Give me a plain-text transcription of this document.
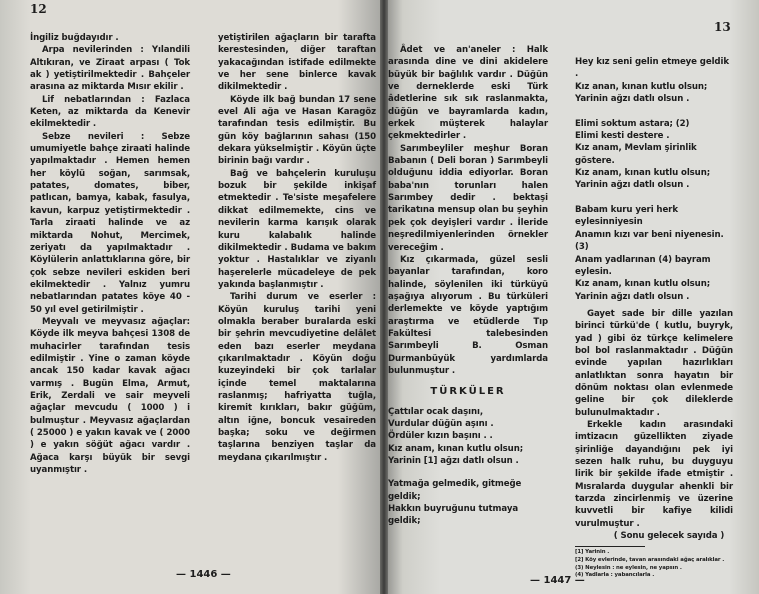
12

İngiliz buğdayıdır .

Arpa nevilerinden : Yılandili Altıkıran, ve Ziraat arpası ( Tok ak ) yetiştirilmektedir . Bahçeler arasına az miktarda Mısır ekilir .

Lif nebatlarından : Fazlaca Keten, az miktarda da Kenevir ekilmektedir .

Sebze nevileri : Sebze umumiyetle bahçe ziraati halinde yapılmaktadır . Hemen hemen her köylü soğan, sarımsak, patates, domates, biber, patlıcan, bamya, kabak, fasulya, kavun, karpuz yetiştirmektedir . Tarla ziraati halinde ve az miktarda Nohut, Mercimek, zeriyatı da yapılmaktadır . Köylülerin anlattıklarına göre, bir çok sebze nevileri eskiden beri ekilmektedir . Yalnız yumru nebatlarından patates köye 40 - 50 yıl evel getirilmiştir .

Meyvalı ve meyvasız ağaçlar: Köyde ilk meyva bahçesi 1308 de muhacirler tarafından tesis edilmiştir . Yine o zaman köyde ancak 150 kadar kavak ağacı varmış . Bugün Elma, Armut, Erik, Zerdali ve sair meyveli ağaçlar mevcudu ( 1000 ) i bulmuştur . Meyvasız ağaçlardan ( 25000 ) e yakın kavak ve ( 2000 ) e yakın söğüt ağacı vardır . Ağaca karşı büyük bir sevgi uyanmıştır .

yetiştirilen ağaçların bir tarafta kerestesinden, diğer taraftan yakacağından istifade edilmekte ve her sene binlerce kavak dikilmektedir .

Köyde ilk bağ bundan 17 sene evel Ali ağa ve Hasan Karagöz tarafından tesis edilmiştir. Bu gün köy bağlarının sahası (150 dekara yükselmiştir . Köyün üçte birinin bağı vardır .

Bağ ve bahçelerin kuruluşu bozuk bir şekilde inkişaf etmektedir . Te'siste meşafelere dikkat edilmemekte, cins ve nevilerin karma karışık olarak kuru kalabalık halinde dikilmektedir . Budama ve bakım yoktur . Hastalıklar ve ziyanlı haşerelerle mücadeleye de pek yakında başlanmıştır .

Tarihi durum ve eserler : Köyün kuruluş tarihi yeni olmakla beraber buralarda eski bir şehrin mevcudiyetine delâlet eden bazı eserler meydana çıkarılmaktadır . Köyün doğu kuzeyindeki bir çok tarlalar içinde temel maktalarına raslanmış; hafriyatta tuğla, kiremit kırıkları, bakır güğüm, altın iğne, boncuk vesaireden başka; soku ve değirmen taşlarına benziyen taşlar da meydana çıkarılmıştır .

— 1446 —
13

Âdet ve an'aneler : Halk arasında dine ve dini akidelere büyük bir bağlılık vardır . Düğün ve derneklerde eski Türk âdetlerine sık sık raslanmakta, düğün ve bayramlarda kadın, erkek müşterek halaylar çekmektedirler .

Sarımbeyliler meşhur Boran Babanın ( Deli boran ) Sarımbeyli olduğunu iddia ediyorlar. Boran baba'nın torunları halen Sarımbey dedir . bektaşi tarikatına mensup olan bu şeyhin pek çok deyişleri vardır . İleride neşredilmiyenlerinden örnekler vereceğim .

Kız çıkarmada, güzel sesli bayanlar tarafından, koro halinde, söylenilen iki türküyü aşağıya alıyorum . Bu türküleri derlemekte ve köyde yaptığım araştırma ve etüdlerde Tıp Fakültesi talebesinden Sarımbeyli B. Osman Durmanbüyük yardımlarda bulunmuştur .

TÜRKÜLER

Çattılar ocak daşını,

Vurdular düğün aşını .

Ördüler kızın başını . .

Kız anam, kınan kutlu olsun;

Yarinin [1] ağzı datlı olsun .

Yatmağa gelmedik, gitmeğe geldik;

Hakkın buyruğunu tutmaya geldik;

Hey kız seni gelin etmeye geldik .

Kız anan, kınan kutlu olsun;

Yarinin ağzı datlı olsun .

Elimi soktum astara; (2)

Elimi kesti destere .

Kız anam, Mevlam şirinlik göstere.

Kız anam, kınan kutlu olsun;

Yarinin ağzı datlı olsun .

Babam kuru yeri herk eylesinniyesin

Anamın kızı var beni niyenesin. (3)

Anam yadlarınan (4) bayram eylesin.

Kız anam, kınan kutlu olsun;

Yarinin ağzı datlı olsun .

Gayet sade bir dille yazılan birinci türkü'de ( kutlu, buyryk, yad ) gibi öz türkçe kelimelere bol bol raslanmaktadır . Düğün evinde yapılan hazırlıkları anlatlıktan sonra hayatın bir dönüm noktası olan evlenmede geline bir çok dileklerde bulunulmaktadır .

Erkekle kadın arasındaki imtizacın güzellikten ziyade şirinliğe dayandığını pek iyi sezen halk ruhu, bu duyguyu lirik bir şekilde ifade etmiştir . Mısralarda duygular ahenkli bir tarzda zincirlenmiş ve üzerine kuvvetli bir kafiye kilidi vurulmuştur .

( Sonu gelecek sayıda )

[1] Yarinin .
[2] Köy evlerinde, tavan arasındaki ağaç aralıklar .
(3) Neylesin : ne eylesin, ne yapsın .
(4) Yadlarla : yabancılarla .
— 1447 —
